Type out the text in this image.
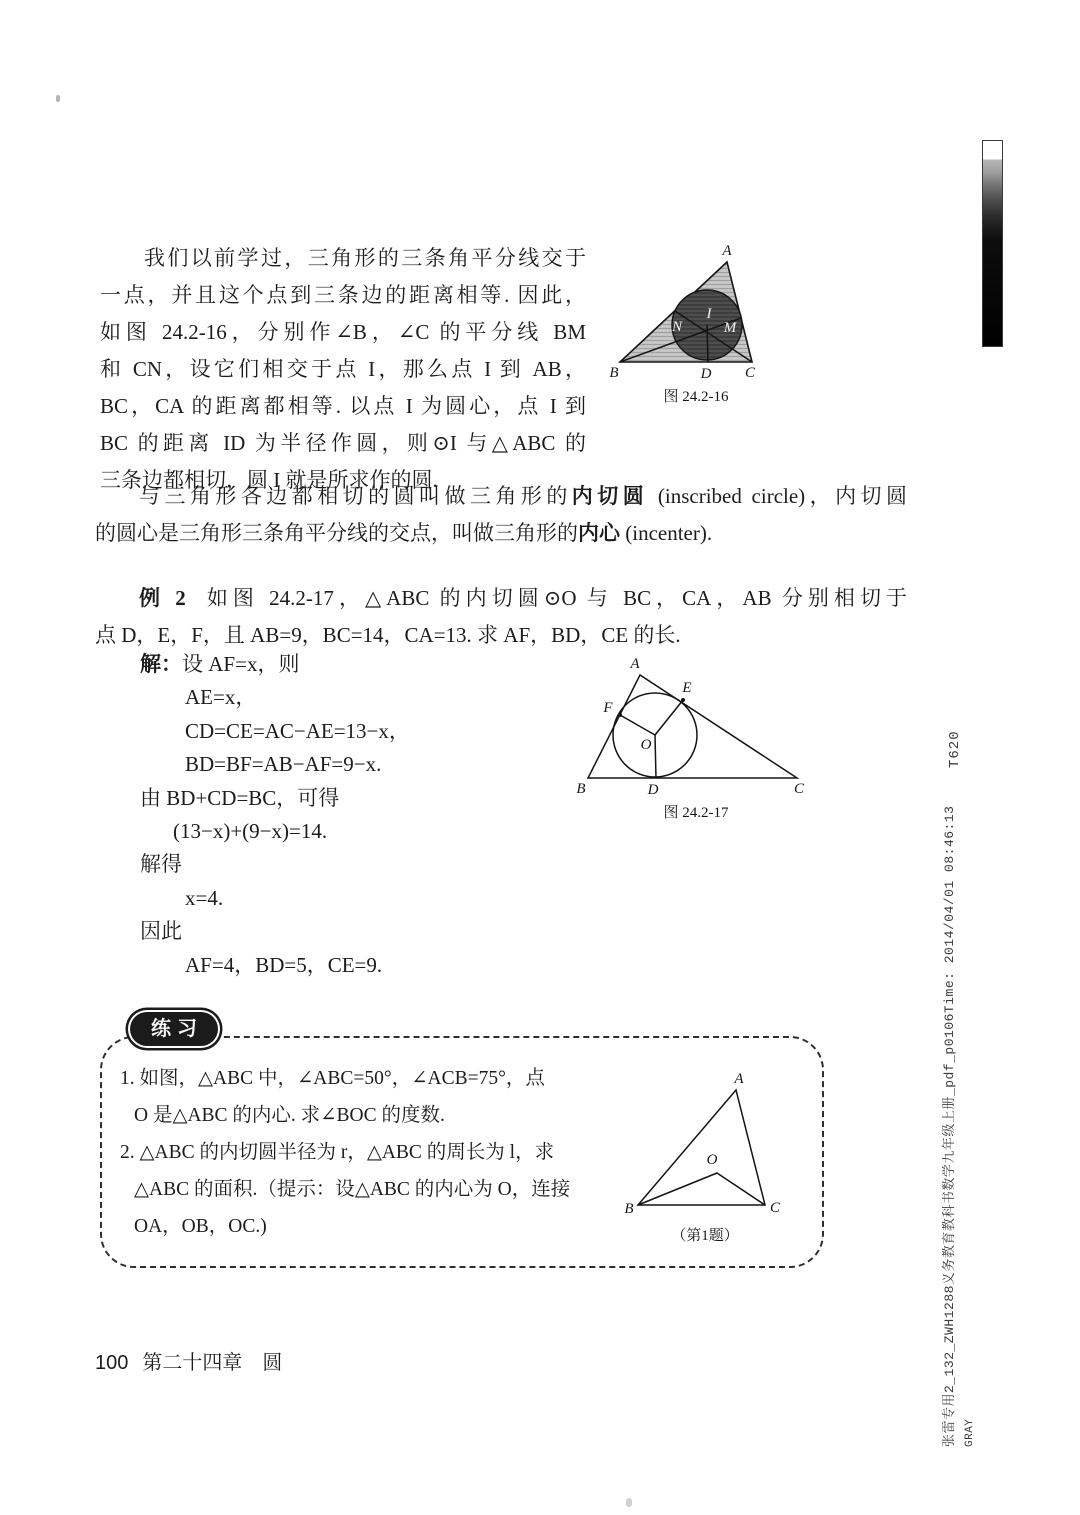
我们以前学过，三角形的三条角平分线交于
一点，并且这个点到三条边的距离相等. 因此，
如图 24.2-16，分别作∠B，∠C 的平分线 BM
和 CN，设它们相交于点 I，那么点 I 到 AB，
BC，CA 的距离都相等. 以点 I 为圆心，点 I 到
BC 的距离 ID 为半径作圆，则⊙I 与△ABC 的
三条边都相切，圆 I 就是所求作的圆.
A
B	C
D
N
I
M
图 24.2-16
与三角形各边都相切的圆叫做三角形的内切圆 (inscribed circle)，内切圆
的圆心是三角形三条角平分线的交点，叫做三角形的内心 (incenter).
例 2 如图 24.2-17，△ABC 的内切圆⊙O 与 BC，CA，AB 分别相切于
点 D，E，F，且 AB=9，BC=14，CA=13. 求 AF，BD，CE 的长.
解：设 AF=x，则
AE=x，
CD=CE=AC−AE=13−x，
BD=BF=AB−AF=9−x.
由 BD+CD=BC，可得
(13−x)+(9−x)=14.
解得
x=4.
因此
AF=4，BD=5，CE=9.
A
E
F
O
B	D	C
图 24.2-17
练习
1. 如图，△ABC 中，∠ABC=50°，∠ACB=75°，点
O 是△ABC 的内心. 求∠BOC 的度数.
2. △ABC 的内切圆半径为 r，△ABC 的周长为 l，求
△ABC 的面积.（提示：设△ABC 的内心为 O，连接
OA，OB，OC.)
A
B	C
O
（第1题）
100 第二十四章 圆
T620
张雷专用2_132_ZWH1288义务教育教科书数学九年级上册_pdf_p0106Time: 2014/04/01 08:46:13 GRAY
